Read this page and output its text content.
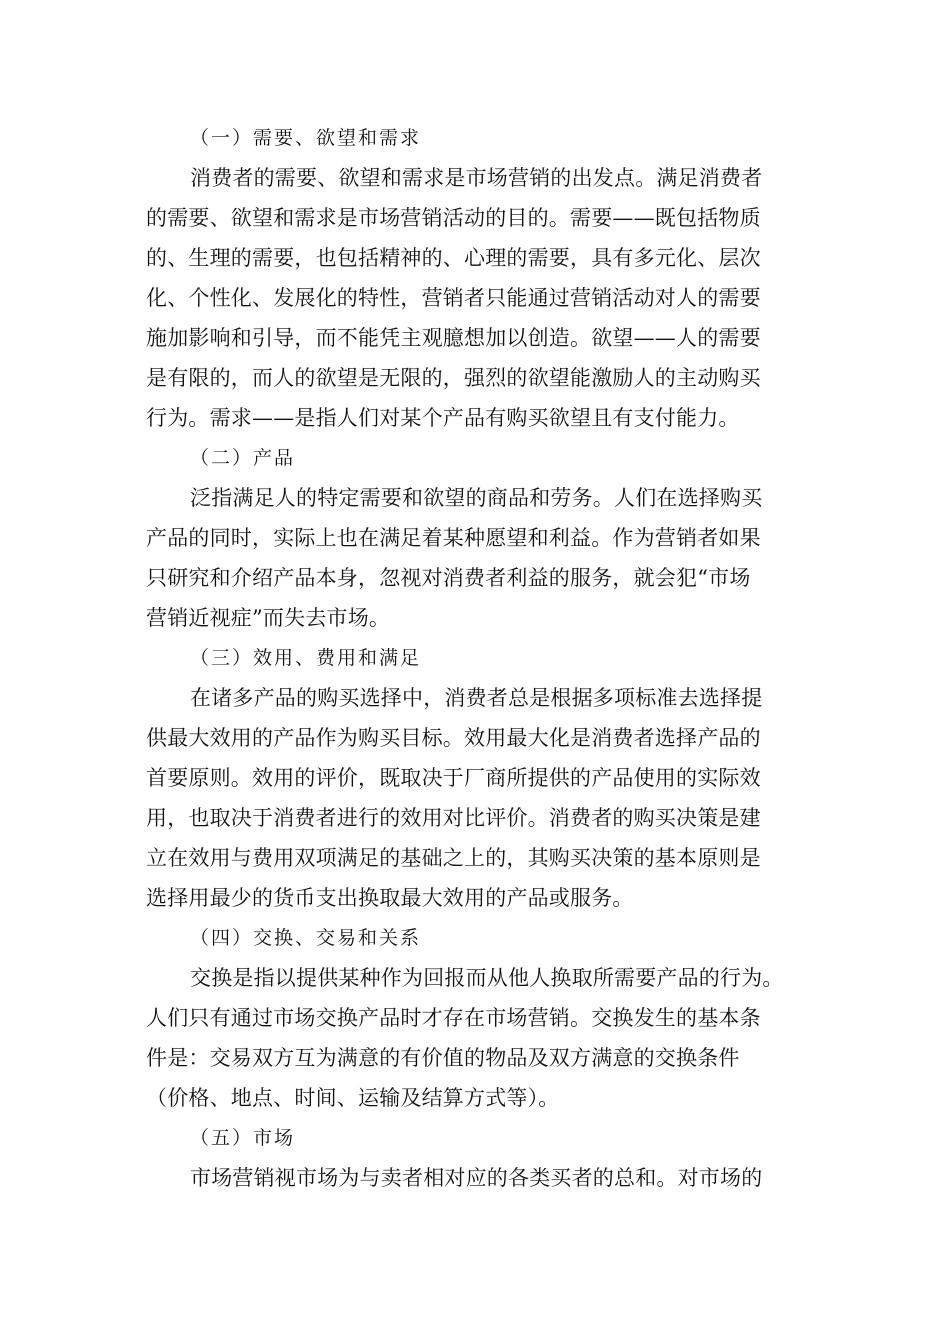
（一）需要、欲望和需求
消费者的需要、欲望和需求是市场营销的出发点。满足消费者
的需要、欲望和需求是市场营销活动的目的。需要——既包括物质
的、生理的需要，也包括精神的、心理的需要，具有多元化、层次
化、个性化、发展化的特性，营销者只能通过营销活动对人的需要
施加影响和引导，而不能凭主观臆想加以创造。欲望——人的需要
是有限的，而人的欲望是无限的，强烈的欲望能激励人的主动购买
行为。需求——是指人们对某个产品有购买欲望且有支付能力。
（二）产品
泛指满足人的特定需要和欲望的商品和劳务。人们在选择购买
产品的同时，实际上也在满足着某种愿望和利益。作为营销者如果
只研究和介绍产品本身，忽视对消费者利益的服务，就会犯“市场
营销近视症”而失去市场。
（三）效用、费用和满足
在诸多产品的购买选择中，消费者总是根据多项标准去选择提
供最大效用的产品作为购买目标。效用最大化是消费者选择产品的
首要原则。效用的评价，既取决于厂商所提供的产品使用的实际效
用，也取决于消费者进行的效用对比评价。消费者的购买决策是建
立在效用与费用双项满足的基础之上的，其购买决策的基本原则是
选择用最少的货币支出换取最大效用的产品或服务。
（四）交换、交易和关系
交换是指以提供某种作为回报而从他人换取所需要产品的行为。
人们只有通过市场交换产品时才存在市场营销。交换发生的基本条
件是：交易双方互为满意的有价值的物品及双方满意的交换条件
（价格、地点、时间、运输及结算方式等）。
（五）市场
市场营销视市场为与卖者相对应的各类买者的总和。对市场的
